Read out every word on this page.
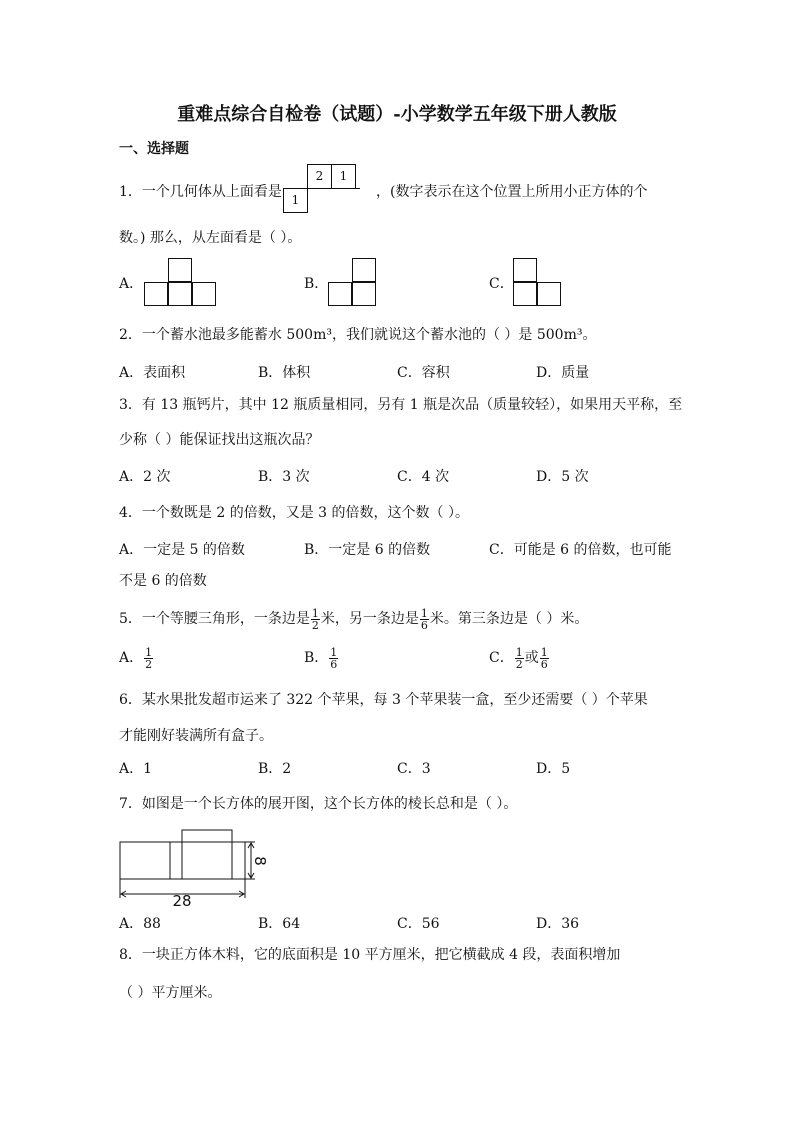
重难点综合自检卷（试题）-小学数学五年级下册人教版
一、选择题
1．一个几何体从上面看是
2	1
1	，(数字表示在这个位置上所用小正方体的个
数。) 那么，从左面看是（ ）。
A．	B．	C．
2．一个蓄水池最多能蓄水 500m³，我们就说这个蓄水池的（ ）是 500m³。
A．表面积	B．体积	C．容积	D．质量
3．有 13 瓶钙片，其中 12 瓶质量相同，另有 1 瓶是次品（质量较轻），如果用天平称，至
少称（ ）能保证找出这瓶次品？
A．2 次	B．3 次	C．4 次	D．5 次
4．一个数既是 2 的倍数，又是 3 的倍数，这个数（ ）。
A．一定是 5 的倍数	B．一定是 6 的倍数	C．可能是 6 的倍数，也可能
不是 6 的倍数
5．一个等腰三角形，一条边是 $\frac{1}{2}$ 米，另一条边是 $\frac{1}{6}$ 米。第三条边是（ ）米。
A． $\frac{1}{2}$	B． $\frac{1}{6}$	C． $\frac{1}{2}$ 或 $\frac{1}{6}$
6．某水果批发超市运来了 322 个苹果，每 3 个苹果装一盒，至少还需要（ ）个苹果
才能刚好装满所有盒子。
A．1	B．2	C．3	D．5
7．如图是一个长方体的展开图，这个长方体的棱长总和是（ ）。
28
8
A．88	B．64	C．56	D．36
8．一块正方体木料，它的底面积是 10 平方厘米，把它横截成 4 段，表面积增加
（ ）平方厘米。
